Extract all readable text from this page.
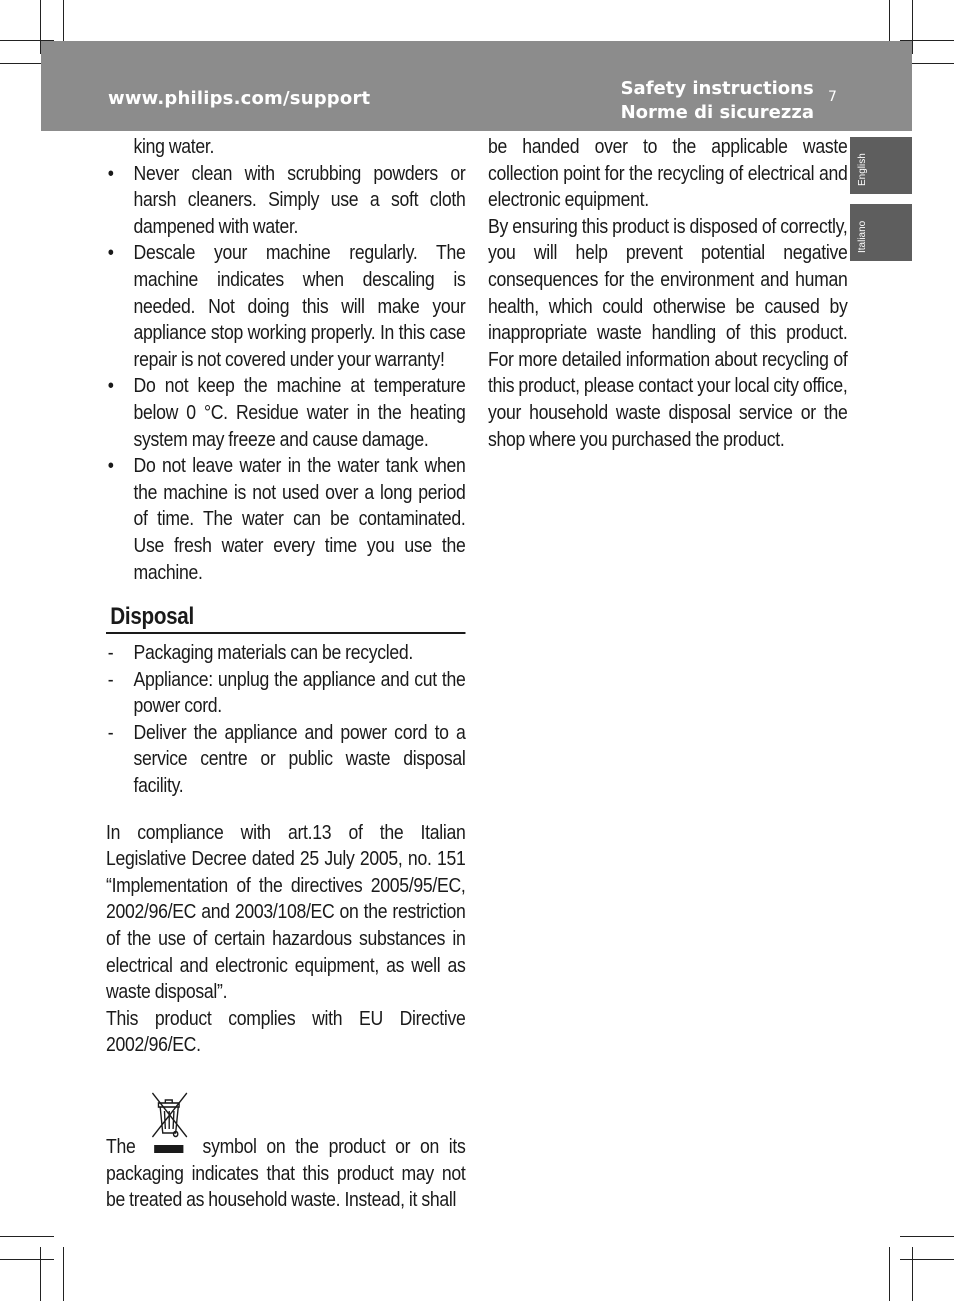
www.philips.com/support	Safety instructions
Norme di sicurezza
7
English
Italiano

king water.

• Never clean with scrubbing powders or harsh cleaners. Simply use a soft cloth dampened with water.
• Descale your machine regularly. The machine indicates when descaling is needed. Not doing this will make your appliance stop working properly. In this case repair is not covered under your warranty!
• Do not keep the machine at temperature below 0 °C. Residue water in the heating system may freeze and cause damage.
• Do not leave water in the water tank when the machine is not used over a long period of time. The water can be contaminated. Use fresh water every time you use the machine.
Disposal
- Packaging materials can be recycled.
- Appliance: unplug the appliance and cut the power cord.
- Deliver the appliance and power cord to a service centre or public waste disposal facility.

In compliance with art.13 of the Italian Legislative Decree dated 25 July 2005, no. 151 “Implementation of the directives 2005/95/EC, 2002/96/EC and 2003/108/EC on the restriction of the use of certain hazardous substances in electrical and electronic equipment, as well as waste disposal”.

This product complies with EU Directive 2002/96/EC.

The	symbol on the product or on its packaging indicates that this product may not be treated as household waste. Instead, it shall

be handed over to the applicable waste collection point for the recycling of electrical and electronic equipment.

By ensuring this product is disposed of correctly, you will help prevent potential negative consequences for the environment and human health, which could otherwise be caused by inappropriate waste handling of this product. For more detailed information about recycling of this product, please contact your local city office, your household waste disposal service or the shop where you purchased the product.
